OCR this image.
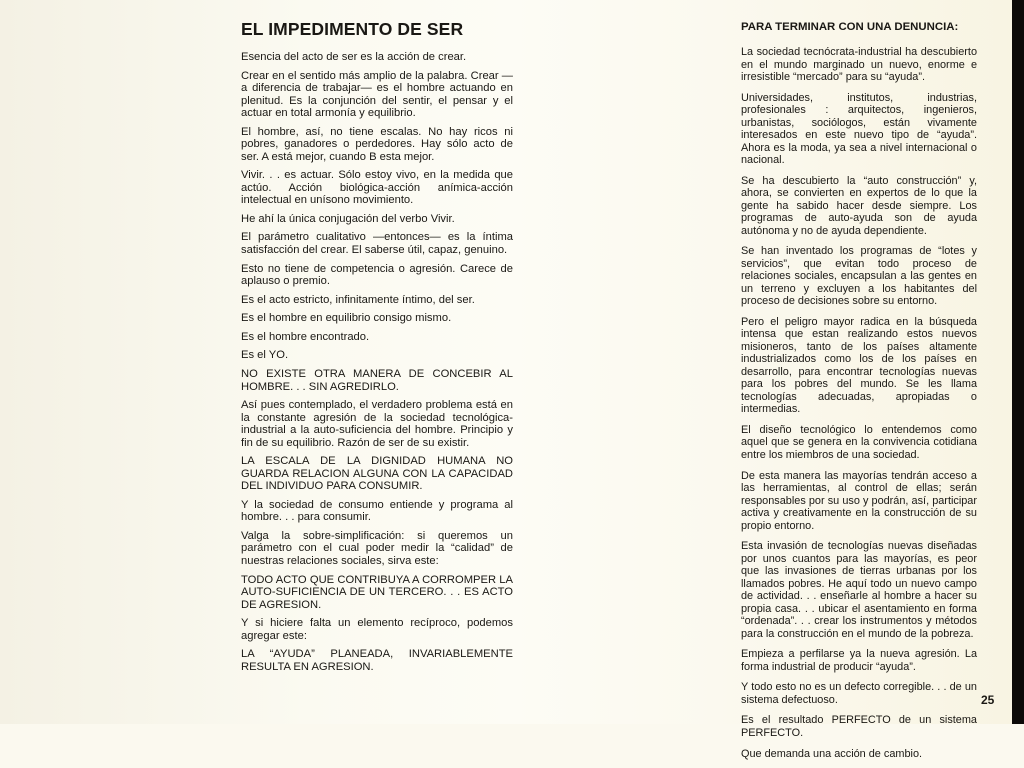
EL IMPEDIMENTO DE SER

Esencia del acto de ser es la acción de crear.

Crear en el sentido más amplio de la palabra. Crear —a diferencia de trabajar— es el hombre actuando en plenitud. Es la conjunción del sentir, el pensar y el actuar en total armonía y equilibrio.

El hombre, así, no tiene escalas. No hay ricos ni pobres, ganadores o perdedores. Hay sólo acto de ser. A está mejor, cuando B esta mejor.

Vivir. . . es actuar. Sólo estoy vivo, en la medida que actúo. Acción biológica-acción anímica-acción intelectual en unísono movimiento.

He ahí la única conjugación del verbo Vivir.

El parámetro cualitativo —entonces— es la íntima satisfacción del crear. El saberse útil, capaz, genuino.

Esto no tiene de competencia o agresión. Carece de aplauso o premio.

Es el acto estricto, infinitamente íntimo, del ser.

Es el hombre en equilibrio consigo mismo.

Es el hombre encontrado.

Es el YO.

NO EXISTE OTRA MANERA DE CONCEBIR AL HOMBRE. . . SIN AGREDIRLO.

Así pues contemplado, el verdadero problema está en la constante agresión de la sociedad tecnológica-industrial a la auto-suficiencia del hombre. Principio y fin de su equilibrio. Razón de ser de su existir.

LA ESCALA DE LA DIGNIDAD HUMANA NO GUARDA RELACION ALGUNA CON LA CAPACIDAD DEL INDIVIDUO PARA CONSUMIR.

Y la sociedad de consumo entiende y programa al hombre. . . para consumir.

Valga la sobre-simplificación: si queremos un parámetro con el cual poder medir la “calidad” de nuestras relaciones sociales, sirva este:

TODO ACTO QUE CONTRIBUYA A CORROMPER LA AUTO-SUFICIENCIA DE UN TERCERO. . . ES ACTO DE AGRESION.

Y si hiciere falta un elemento recíproco, podemos agregar este:

LA “AYUDA” PLANEADA, INVARIABLEMENTE RESULTA EN AGRESION.

PARA TERMINAR CON UNA DENUNCIA:

La sociedad tecnócrata-industrial ha descubierto en el mundo marginado un nuevo, enorme e irresistible “mercado” para su “ayuda”.

Universidades, institutos, industrias, profesionales : arquitectos, ingenieros, urbanistas, sociólogos, están vivamente interesados en este nuevo tipo de “ayuda”. Ahora es la moda, ya sea a nivel internacional o nacional.

Se ha descubierto la “auto construcción” y, ahora, se convierten en expertos de lo que la gente ha sabido hacer desde siempre. Los programas de auto-ayuda son de ayuda autónoma y no de ayuda dependiente.

Se han inventado los programas de “lotes y servicios”, que evitan todo proceso de relaciones sociales, encapsulan a las gentes en un terreno y excluyen a los habitantes del proceso de decisiones sobre su entorno.

Pero el peligro mayor radica en la búsqueda intensa que estan realizando estos nuevos misioneros, tanto de los países altamente industrializados como los de los países en desarrollo, para encontrar tecnologías nuevas para los pobres del mundo. Se les llama tecnologías adecuadas, apropiadas o intermedias.

El diseño tecnológico lo entendemos como aquel que se genera en la convivencia cotidiana entre los miembros de una sociedad.

De esta manera las mayorías tendrán acceso a las herramientas, al control de ellas; serán responsables por su uso y podrán, así, participar activa y creativamente en la construcción de su propio entorno.

Esta invasión de tecnologías nuevas diseñadas por unos cuantos para las mayorías, es peor que las invasiones de tierras urbanas por los llamados pobres. He aquí todo un nuevo campo de actividad. . . enseñarle al hombre a hacer su propia casa. . . ubicar el asentamiento en forma “ordenada”. . . crear los instrumentos y métodos para la construcción en el mundo de la pobreza.

Empieza a perfilarse ya la nueva agresión. La forma industrial de producir “ayuda”.

Y todo esto no es un defecto corregible. . . de un sistema defectuoso.

Es el resultado PERFECTO de un sistema PERFECTO.

Que demanda una acción de cambio.

25
